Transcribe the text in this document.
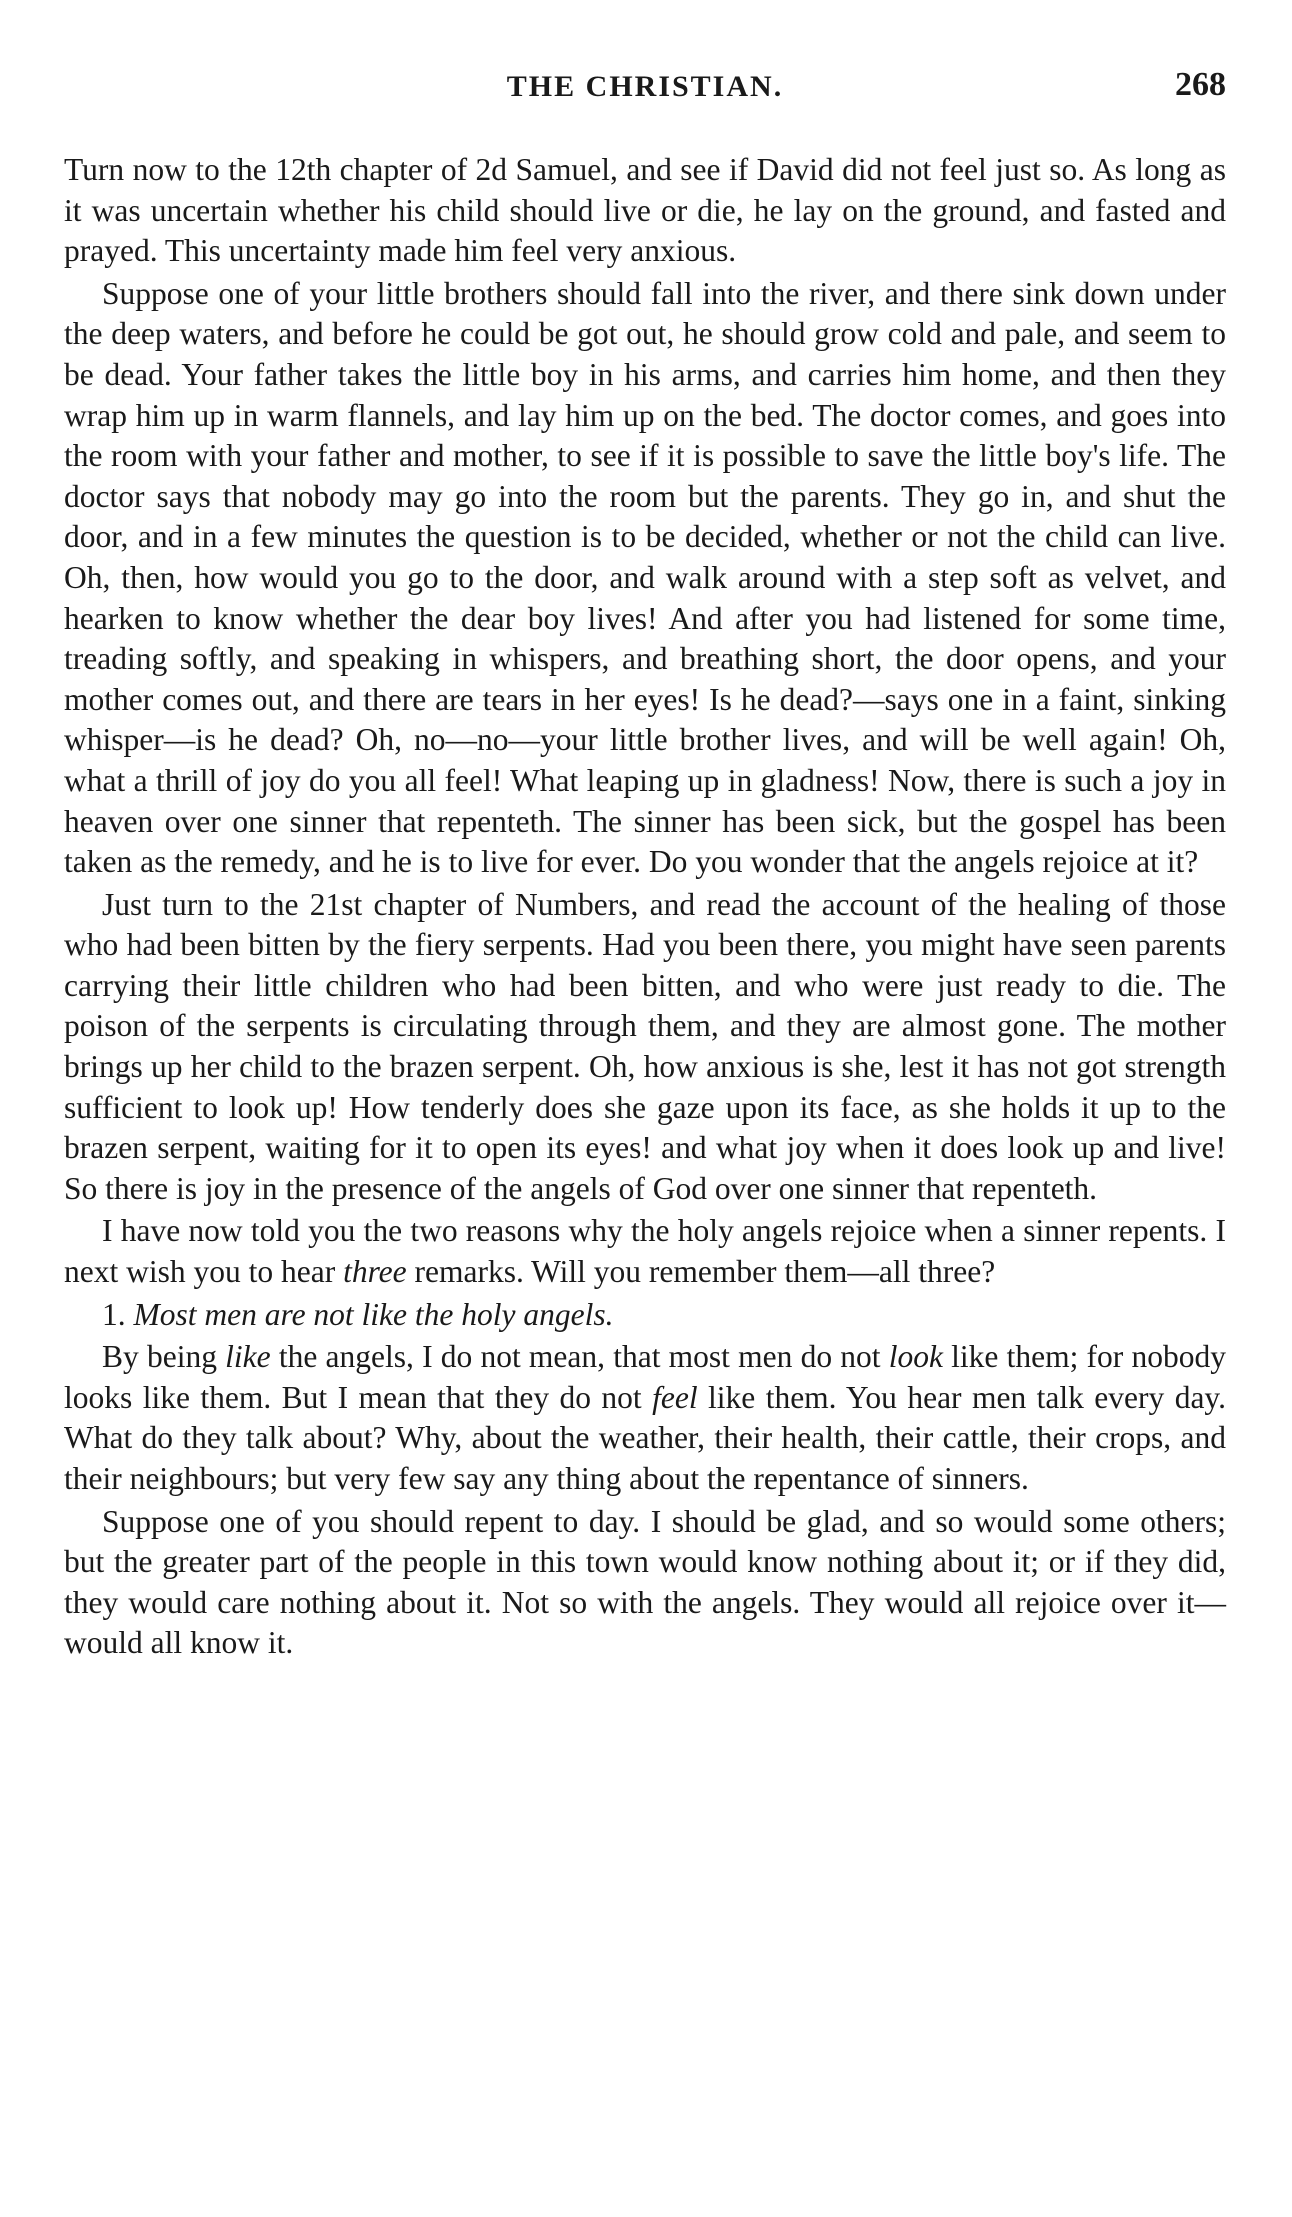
THE CHRISTIAN.	268

Turn now to the 12th chapter of 2d Samuel, and see if David did not feel just so. As long as it was uncertain whether his child should live or die, he lay on the ground, and fasted and prayed. This uncertainty made him feel very anxious.

Suppose one of your little brothers should fall into the river, and there sink down under the deep waters, and before he could be got out, he should grow cold and pale, and seem to be dead. Your father takes the little boy in his arms, and carries him home, and then they wrap him up in warm flannels, and lay him up on the bed. The doctor comes, and goes into the room with your father and mother, to see if it is possible to save the little boy's life. The doctor says that nobody may go into the room but the parents. They go in, and shut the door, and in a few minutes the question is to be decided, whether or not the child can live. Oh, then, how would you go to the door, and walk around with a step soft as velvet, and hearken to know whether the dear boy lives! And after you had listened for some time, treading softly, and speaking in whispers, and breathing short, the door opens, and your mother comes out, and there are tears in her eyes! Is he dead?—says one in a faint, sinking whisper—is he dead? Oh, no—no—your little brother lives, and will be well again! Oh, what a thrill of joy do you all feel! What leaping up in gladness! Now, there is such a joy in heaven over one sinner that repenteth. The sinner has been sick, but the gospel has been taken as the remedy, and he is to live for ever. Do you wonder that the angels rejoice at it?

Just turn to the 21st chapter of Numbers, and read the account of the healing of those who had been bitten by the fiery serpents. Had you been there, you might have seen parents carrying their little children who had been bitten, and who were just ready to die. The poison of the serpents is circulating through them, and they are almost gone. The mother brings up her child to the brazen serpent. Oh, how anxious is she, lest it has not got strength sufficient to look up! How tenderly does she gaze upon its face, as she holds it up to the brazen serpent, waiting for it to open its eyes! and what joy when it does look up and live! So there is joy in the presence of the angels of God over one sinner that repenteth.

I have now told you the two reasons why the holy angels rejoice when a sinner repents. I next wish you to hear three remarks. Will you remember them—all three?

1. Most men are not like the holy angels.

By being like the angels, I do not mean, that most men do not look like them; for nobody looks like them. But I mean that they do not feel like them. You hear men talk every day. What do they talk about? Why, about the weather, their health, their cattle, their crops, and their neighbours; but very few say any thing about the repentance of sinners.

Suppose one of you should repent to day. I should be glad, and so would some others; but the greater part of the people in this town would know nothing about it; or if they did, they would care nothing about it. Not so with the angels. They would all rejoice over it—would all know it.
